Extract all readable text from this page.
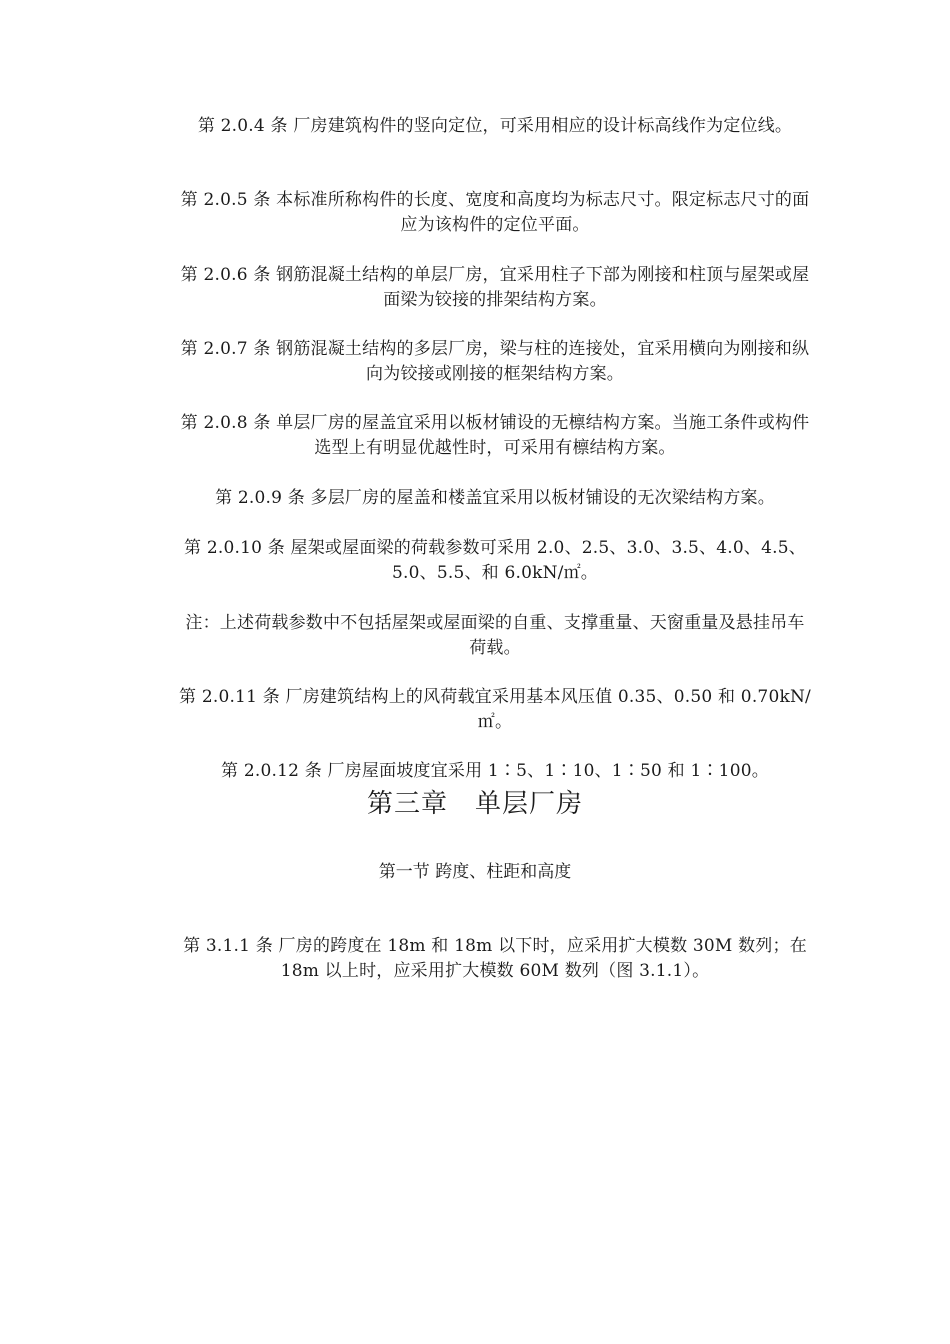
第 2.0.4 条 厂房建筑构件的竖向定位，可采用相应的设计标高线作为定位线。
第 2.0.5 条 本标准所称构件的长度、宽度和高度均为标志尺寸。限定标志尺寸的面应为该构件的定位平面。
第 2.0.6 条 钢筋混凝土结构的单层厂房，宜采用柱子下部为刚接和柱顶与屋架或屋面梁为铰接的排架结构方案。
第 2.0.7 条 钢筋混凝土结构的多层厂房，梁与柱的连接处，宜采用横向为刚接和纵向为铰接或刚接的框架结构方案。
第 2.0.8 条 单层厂房的屋盖宜采用以板材铺设的无檩结构方案。当施工条件或构件选型上有明显优越性时，可采用有檩结构方案。
第 2.0.9 条 多层厂房的屋盖和楼盖宜采用以板材铺设的无次梁结构方案。
第 2.0.10 条 屋架或屋面梁的荷载参数可采用 2.0、2.5、3.0、3.5、4.0、4.5、5.0、5.5、和 6.0kN/㎡。
注：上述荷载参数中不包括屋架或屋面梁的自重、支撑重量、天窗重量及悬挂吊车荷载。
第 2.0.11 条 厂房建筑结构上的风荷载宜采用基本风压值 0.35、0.50 和 0.70kN/㎡。
第 2.0.12 条 厂房屋面坡度宜采用 1∶5、1∶10、1∶50 和 1∶100。
第三章　单层厂房
第一节 跨度、柱距和高度
第 3.1.1 条 厂房的跨度在 18m 和 18m 以下时，应采用扩大模数 30M 数列；在 18m 以上时，应采用扩大模数 60M 数列（图 3.1.1）。
